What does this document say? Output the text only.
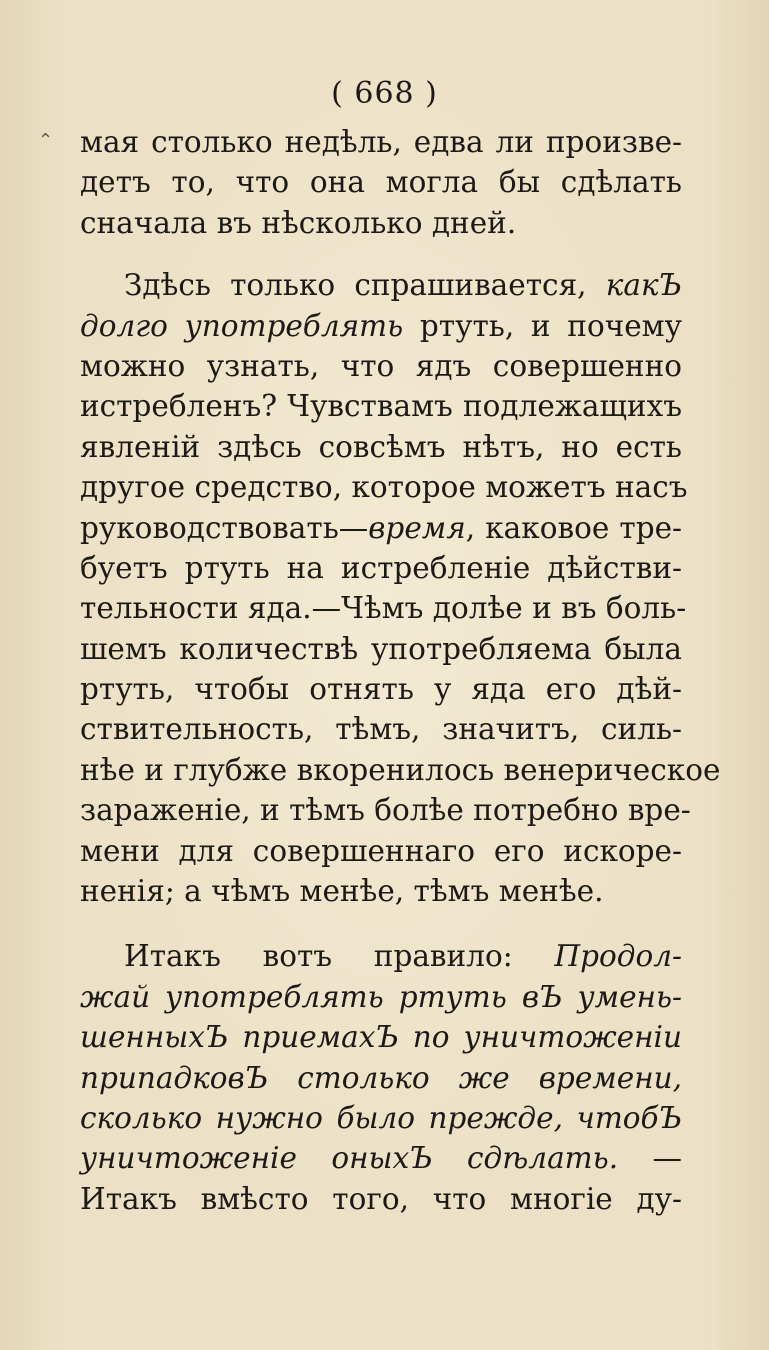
⌃
( 668 )
мая столько недѣль, едва ли произве-
детъ то, что она могла бы сдѣлать
сначала въ нѣсколько дней.
Здѣсь только спрашивается, какЪ
долго употреблять ртуть, и почему
можно узнать, что ядъ совершенно
истребленъ? Чувствамъ подлежащихъ
явленій здѣсь совсѣмъ нѣтъ, но есть
другое средство, которое можетъ насъ
руководствовать—время, каковое тре-
буетъ ртуть на истребленіе дѣйстви-
тельности яда.—Чѣмъ долѣе и въ боль-
шемъ количествѣ употребляема была
ртуть, чтобы отнять у яда его дѣй-
ствительность, тѣмъ, значитъ, силь-
нѣе и глубже вкоренилось венерическое
зараженіе, и тѣмъ болѣе потребно вре-
мени для совершеннаго его искоре-
ненія; а чѣмъ менѣе, тѣмъ менѣе.
Итакъ вотъ правило: Продол-
жай употреблять ртуть вЪ умень-
шенныхЪ приемахЪ по уничтоженіи
припадковЪ столько же времени,
сколько нужно было прежде, чтобЪ
уничтоженіе оныхЪ сдѣлать. —
Итакъ вмѣсто того, что многіе ду-
